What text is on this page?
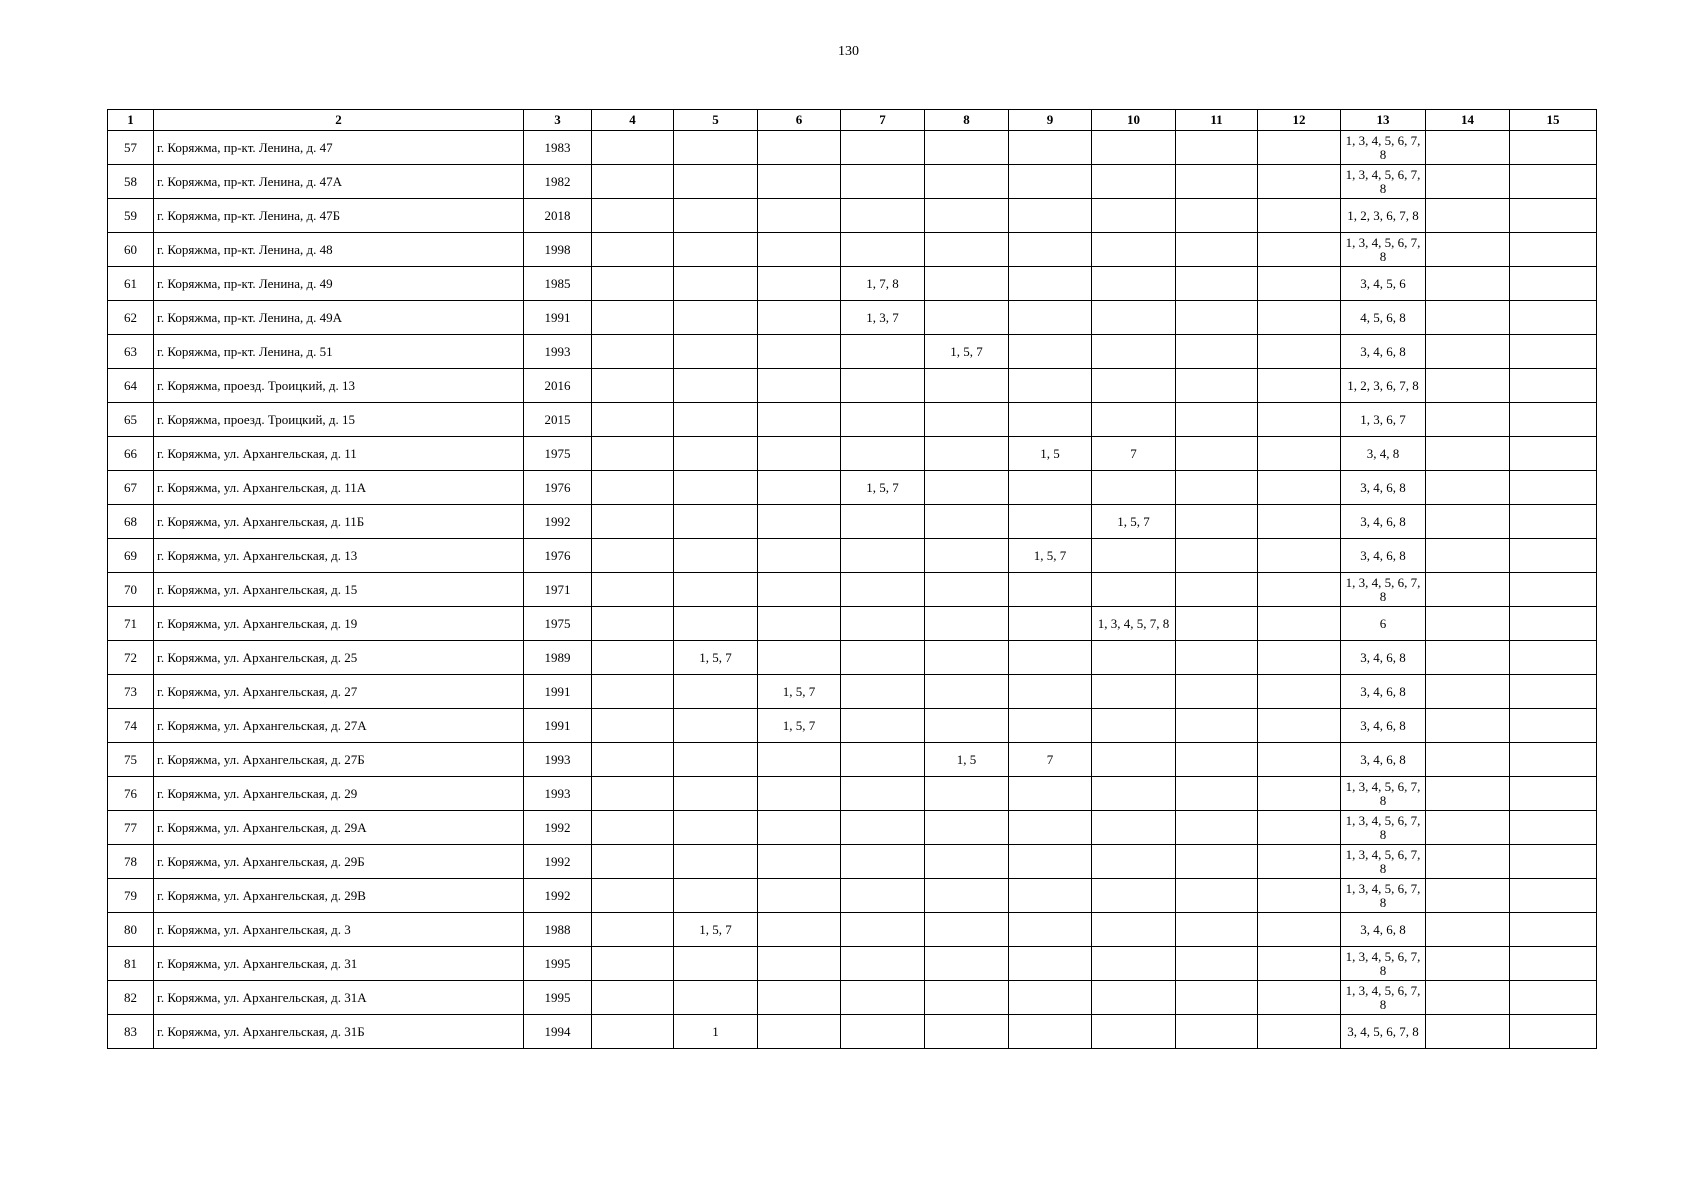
130
1	2	3	4	5	6	7	8	9	10	11	12	13	14	15
57	г. Коряжма, пр-кт. Ленина, д. 47	1983										1, 3, 4, 5, 6, 7, 8		
58	г. Коряжма, пр-кт. Ленина, д. 47А	1982										1, 3, 4, 5, 6, 7, 8		
59	г. Коряжма, пр-кт. Ленина, д. 47Б	2018										1, 2, 3, 6, 7, 8		
60	г. Коряжма, пр-кт. Ленина, д. 48	1998										1, 3, 4, 5, 6, 7, 8		
61	г. Коряжма, пр-кт. Ленина, д. 49	1985				1, 7, 8						3, 4, 5, 6		
62	г. Коряжма, пр-кт. Ленина, д. 49А	1991				1, 3, 7						4, 5, 6, 8		
63	г. Коряжма, пр-кт. Ленина, д. 51	1993					1, 5, 7					3, 4, 6, 8		
64	г. Коряжма, проезд. Троицкий, д. 13	2016										1, 2, 3, 6, 7, 8		
65	г. Коряжма, проезд. Троицкий, д. 15	2015										1, 3, 6, 7		
66	г. Коряжма, ул. Архангельская, д. 11	1975						1, 5	7			3, 4, 8		
67	г. Коряжма, ул. Архангельская, д. 11А	1976				1, 5, 7						3, 4, 6, 8		
68	г. Коряжма, ул. Архангельская, д. 11Б	1992							1, 5, 7			3, 4, 6, 8		
69	г. Коряжма, ул. Архангельская, д. 13	1976						1, 5, 7				3, 4, 6, 8		
70	г. Коряжма, ул. Архангельская, д. 15	1971										1, 3, 4, 5, 6, 7, 8		
71	г. Коряжма, ул. Архангельская, д. 19	1975							1, 3, 4, 5, 7, 8			6		
72	г. Коряжма, ул. Архангельская, д. 25	1989		1, 5, 7								3, 4, 6, 8		
73	г. Коряжма, ул. Архангельская, д. 27	1991			1, 5, 7							3, 4, 6, 8		
74	г. Коряжма, ул. Архангельская, д. 27А	1991			1, 5, 7							3, 4, 6, 8		
75	г. Коряжма, ул. Архангельская, д. 27Б	1993					1, 5	7				3, 4, 6, 8		
76	г. Коряжма, ул. Архангельская, д. 29	1993										1, 3, 4, 5, 6, 7, 8		
77	г. Коряжма, ул. Архангельская, д. 29А	1992										1, 3, 4, 5, 6, 7, 8		
78	г. Коряжма, ул. Архангельская, д. 29Б	1992										1, 3, 4, 5, 6, 7, 8		
79	г. Коряжма, ул. Архангельская, д. 29В	1992										1, 3, 4, 5, 6, 7, 8		
80	г. Коряжма, ул. Архангельская, д. 3	1988		1, 5, 7								3, 4, 6, 8		
81	г. Коряжма, ул. Архангельская, д. 31	1995										1, 3, 4, 5, 6, 7, 8		
82	г. Коряжма, ул. Архангельская, д. 31А	1995										1, 3, 4, 5, 6, 7, 8		
83	г. Коряжма, ул. Архангельская, д. 31Б	1994		1								3, 4, 5, 6, 7, 8		
